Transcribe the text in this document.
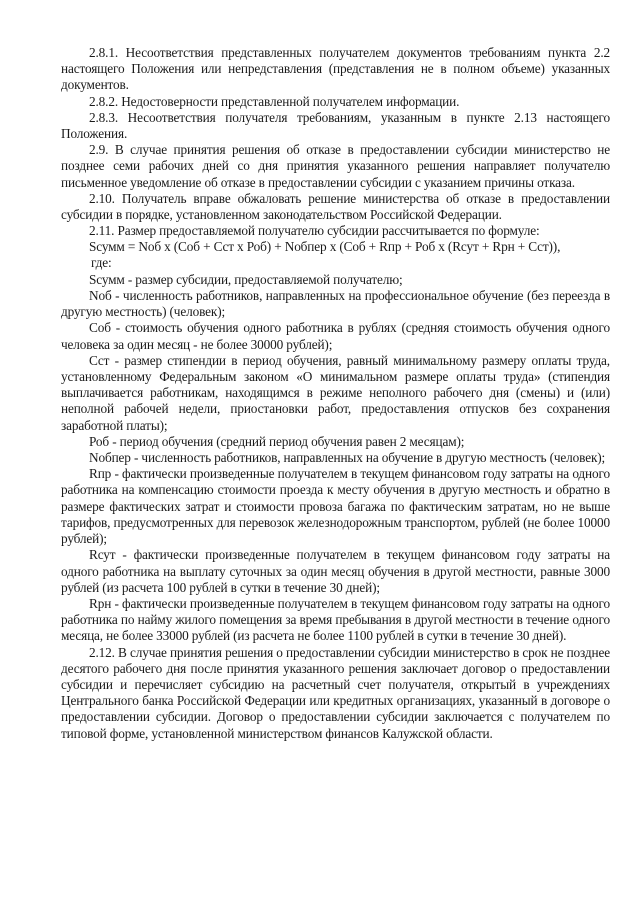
2.8.1. Несоответствия представленных получателем документов требованиям пункта 2.2 настоящего Положения или непредставления (представления не в полном объеме) указанных документов.

2.8.2. Недостоверности представленной получателем информации.

2.8.3. Несоответствия получателя требованиям, указанным в пункте 2.13 настоящего Положения.

2.9. В случае принятия решения об отказе в предоставлении субсидии министерство не позднее семи рабочих дней со дня принятия указанного решения направляет получателю письменное уведомление об отказе в предоставлении субсидии с указанием причины отказа.

2.10. Получатель вправе обжаловать решение министерства об отказе в предоставлении субсидии в порядке, установленном законодательством Российской Федерации.

2.11. Размер предоставляемой получателю субсидии рассчитывается по формуле:

Sсумм = Nоб х (Соб + Сст х Роб) + Nобпер х (Соб + Rпр + Роб х (Rсут + Rрн + Сст)),

где:

Sсумм - размер субсидии, предоставляемой получателю;

Nоб - численность работников, направленных на профессиональное обучение (без переезда в другую местность) (человек);

Соб - стоимость обучения одного работника в рублях (средняя стоимость обучения одного человека за один месяц - не более 30000 рублей);

Сст - размер стипендии в период обучения, равный минимальному размеру оплаты труда, установленному Федеральным законом «О минимальном размере оплаты труда» (стипендия выплачивается работникам, находящимся в режиме неполного рабочего дня (смены) и (или) неполной рабочей недели, приостановки работ, предоставления отпусков без сохранения заработной платы);

Роб - период обучения (средний период обучения равен 2 месяцам);

Nобпер - численность работников, направленных на обучение в другую местность (человек);

Rпр - фактически произведенные получателем в текущем финансовом году затраты на одного работника на компенсацию стоимости проезда к месту обучения в другую местность и обратно в размере фактических затрат и стоимости провоза багажа по фактическим затратам, но не выше тарифов, предусмотренных для перевозок железнодорожным транспортом, рублей (не более 10000 рублей);

Rсут - фактически произведенные получателем в текущем финансовом году затраты на одного работника на выплату суточных за один месяц обучения в другой местности, равные 3000 рублей (из расчета 100 рублей в сутки в течение 30 дней);

Rрн - фактически произведенные получателем в текущем финансовом году затраты на одного работника по найму жилого помещения за время пребывания в другой местности в течение одного месяца, не более 33000 рублей (из расчета не более 1100 рублей в сутки в течение 30 дней).

2.12. В случае принятия решения о предоставлении субсидии министерство в срок не позднее десятого рабочего дня после принятия указанного решения заключает договор о предоставлении субсидии и перечисляет субсидию на расчетный счет получателя, открытый в учреждениях Центрального банка Российской Федерации или кредитных организациях, указанный в договоре о предоставлении субсидии. Договор о предоставлении субсидии заключается с получателем по типовой форме, установленной министерством финансов Калужской области.
